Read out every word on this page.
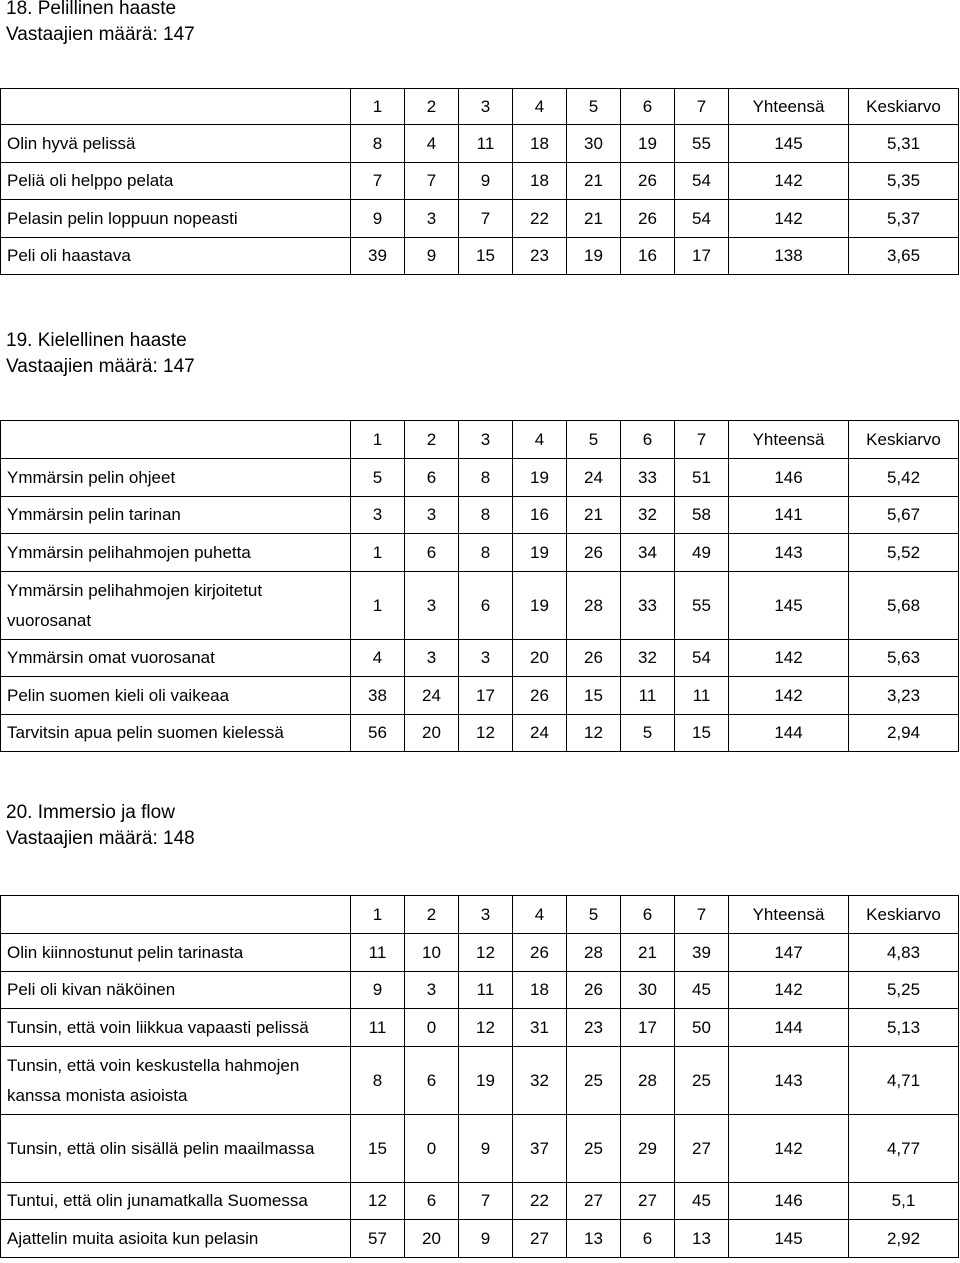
18. Pelillinen haaste
Vastaajien määrä: 147
	1	2	3	4	5	6	7	Yhteensä	Keskiarvo
Olin hyvä pelissä	8	4	11	18	30	19	55	145	5,31
Peliä oli helppo pelata	7	7	9	18	21	26	54	142	5,35
Pelasin pelin loppuun nopeasti	9	3	7	22	21	26	54	142	5,37
Peli oli haastava	39	9	15	23	19	16	17	138	3,65
19. Kielellinen haaste
Vastaajien määrä: 147
	1	2	3	4	5	6	7	Yhteensä	Keskiarvo
Ymmärsin pelin ohjeet	5	6	8	19	24	33	51	146	5,42
Ymmärsin pelin tarinan	3	3	8	16	21	32	58	141	5,67
Ymmärsin pelihahmojen puhetta	1	6	8	19	26	34	49	143	5,52
Ymmärsin pelihahmojen kirjoitetut vuorosanat	1	3	6	19	28	33	55	145	5,68
Ymmärsin omat vuorosanat	4	3	3	20	26	32	54	142	5,63
Pelin suomen kieli oli vaikeaa	38	24	17	26	15	11	11	142	3,23
Tarvitsin apua pelin suomen kielessä	56	20	12	24	12	5	15	144	2,94
20. Immersio ja flow
Vastaajien määrä: 148
	1	2	3	4	5	6	7	Yhteensä	Keskiarvo
Olin kiinnostunut pelin tarinasta	11	10	12	26	28	21	39	147	4,83
Peli oli kivan näköinen	9	3	11	18	26	30	45	142	5,25
Tunsin, että voin liikkua vapaasti pelissä	11	0	12	31	23	17	50	144	5,13
Tunsin, että voin keskustella hahmojen kanssa monista asioista	8	6	19	32	25	28	25	143	4,71
Tunsin, että olin sisällä pelin maailmassa	15	0	9	37	25	29	27	142	4,77
Tuntui, että olin junamatkalla Suomessa	12	6	7	22	27	27	45	146	5,1
Ajattelin muita asioita kun pelasin	57	20	9	27	13	6	13	145	2,92
